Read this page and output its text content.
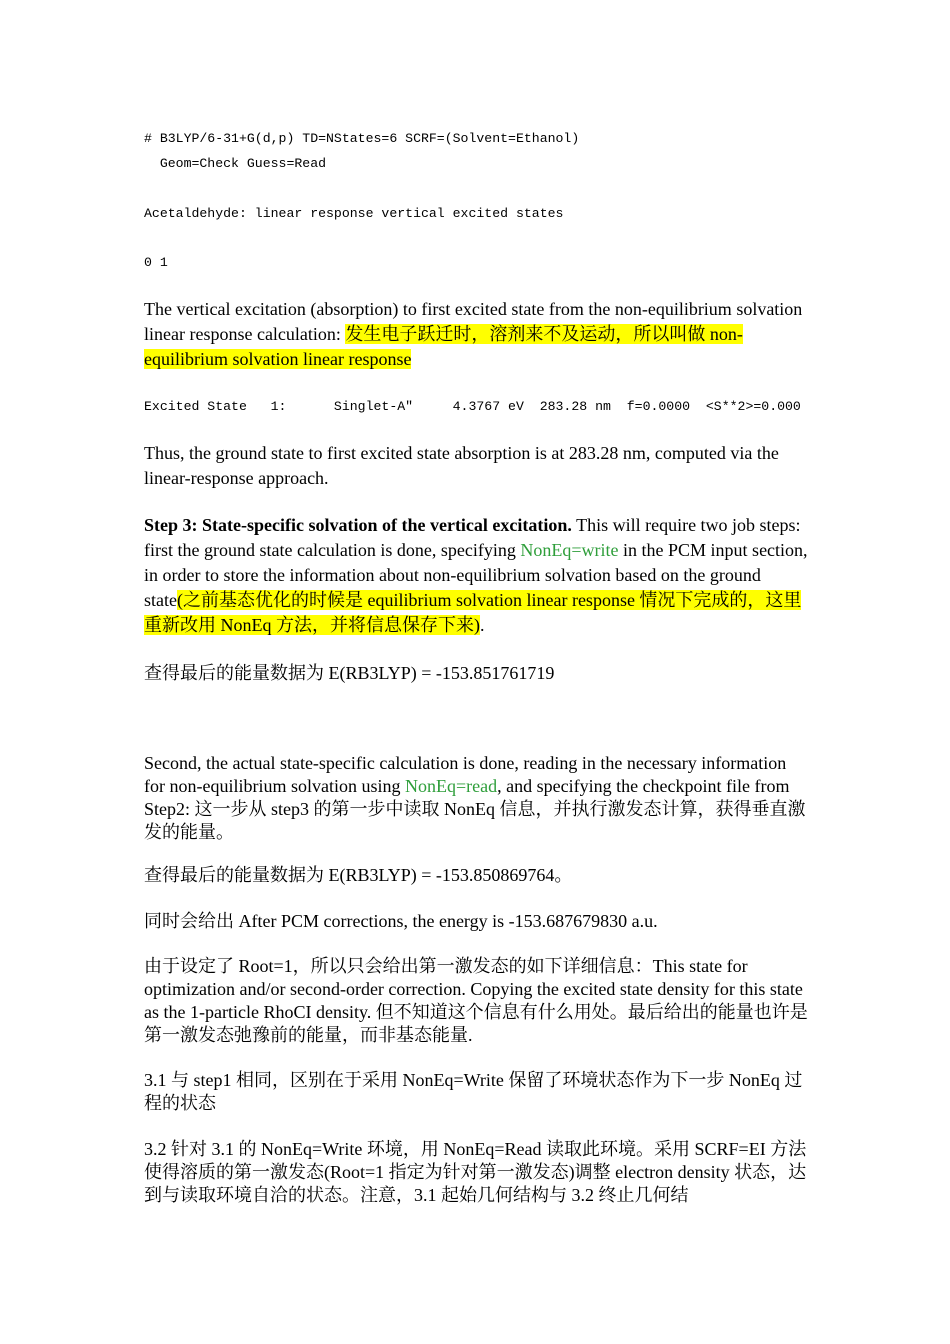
# B3LYP/6-31+G(d,p) TD=NStates=6 SCRF=(Solvent=Ethanol)
Geom=Check Guess=Read
Acetaldehyde: linear response vertical excited states
0 1
The vertical excitation (absorption) to first excited state from the non-equilibrium solvation linear response calculation: 发生电子跃迁时，溶剂来不及运动，所以叫做 non-equilibrium solvation linear response
Excited State   1:      Singlet-A"     4.3767 eV  283.28 nm  f=0.0000  <S**2>=0.000
Thus, the ground state to first excited state absorption is at 283.28 nm, computed via the linear-response approach.
Step 3: State-specific solvation of the vertical excitation. This will require two job steps: first the ground state calculation is done, specifying NonEq=write in the PCM input section, in order to store the information about non-equilibrium solvation based on the ground state(之前基态优化的时候是 equilibrium solvation linear response 情况下完成的，这里重新改用 NonEq 方法，并将信息保存下来).
查得最后的能量数据为 E(RB3LYP) = -153.851761719
Second, the actual state-specific calculation is done, reading in the necessary information for non-equilibrium solvation using NonEq=read, and specifying the checkpoint file from Step2: 这一步从 step3 的第一步中读取 NonEq 信息，并执行激发态计算，获得垂直激发的能量。
查得最后的能量数据为 E(RB3LYP) = -153.850869764。
同时会给出 After PCM corrections, the energy is -153.687679830 a.u.
由于设定了 Root=1，所以只会给出第一激发态的如下详细信息：This state for optimization and/or second-order correction. Copying the excited state density for this state as the 1-particle RhoCI density. 但不知道这个信息有什么用处。最后给出的能量也许是第一激发态弛豫前的能量，而非基态能量.
3.1 与 step1 相同，区别在于采用 NonEq=Write 保留了环境状态作为下一步 NonEq 过程的状态
3.2 针对 3.1 的 NonEq=Write 环境，用 NonEq=Read 读取此环境。采用 SCRF=EI 方法使得溶质的第一激发态(Root=1 指定为针对第一激发态)调整 electron density 状态，达到与读取环境自洽的状态。注意，3.1 起始几何结构与 3.2 终止几何结
